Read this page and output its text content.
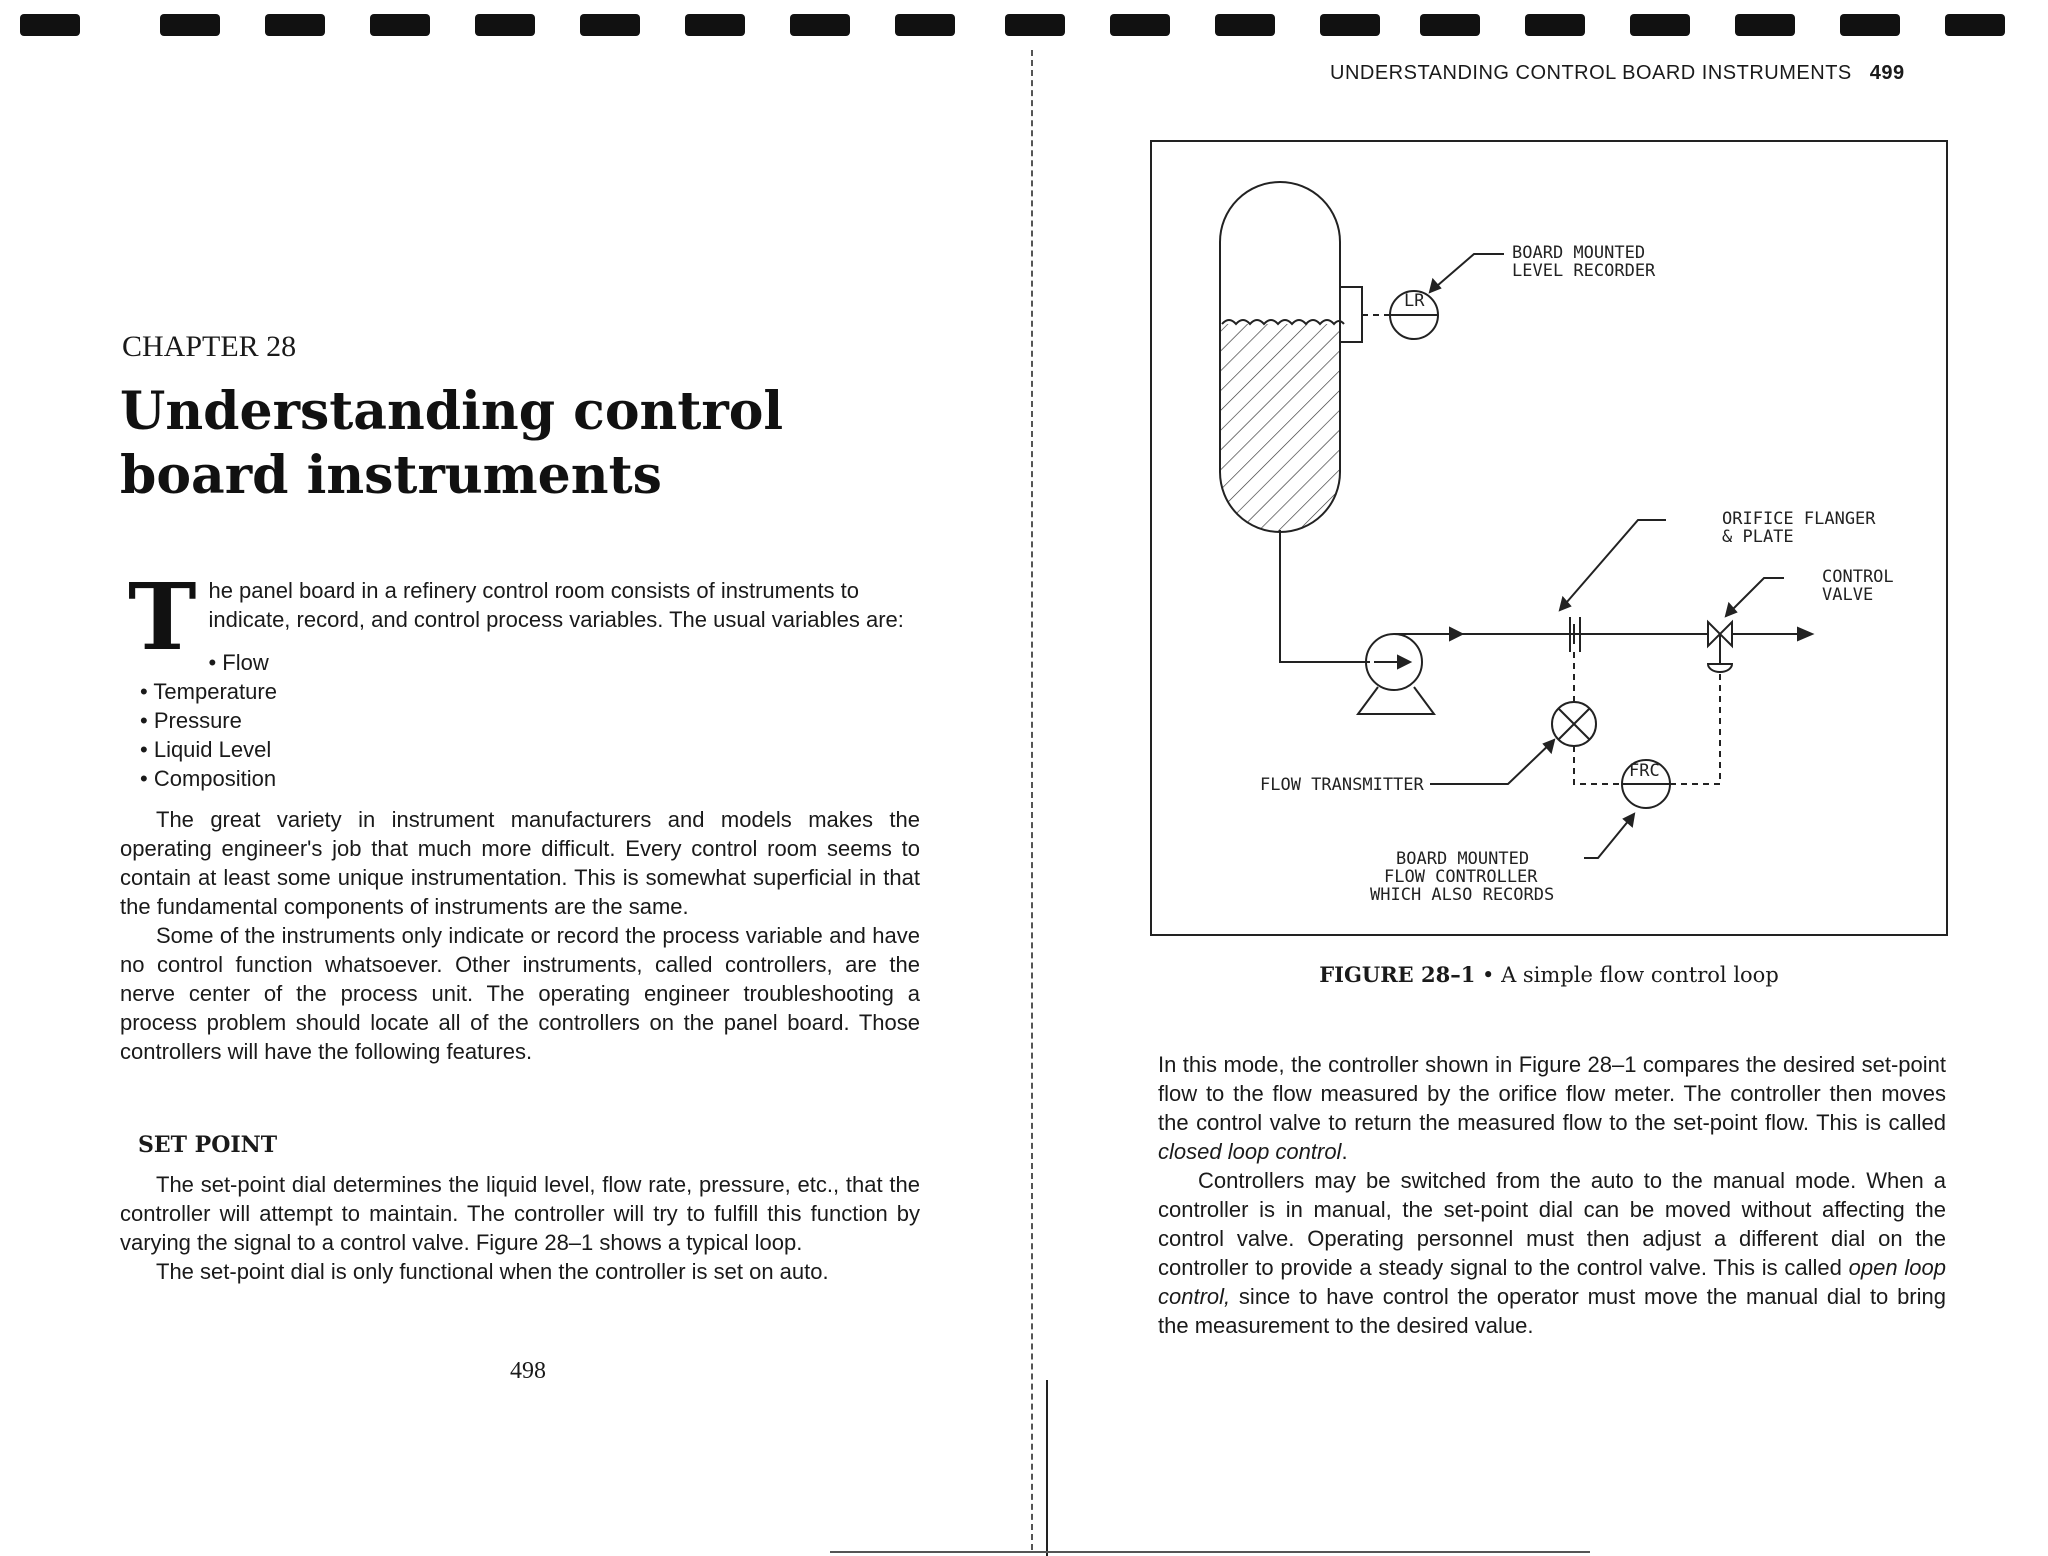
CHAPTER 28
Understanding control
board instruments

The panel board in a refinery control room consists of instruments to indicate, record, and control process variables. The usual variables are:

• Flow
• Temperature
• Pressure
• Liquid Level
• Composition

The great variety in instrument manufacturers and models makes the operating engineer's job that much more difficult. Every control room seems to contain at least some unique instrumentation. This is somewhat superficial in that the fundamental components of instruments are the same.

Some of the instruments only indicate or record the process variable and have no control function whatsoever. Other instruments, called controllers, are the nerve center of the process unit. The operating engineer troubleshooting a process problem should locate all of the controllers on the panel board. Those controllers will have the following features.

SET POINT

The set-point dial determines the liquid level, flow rate, pressure, etc., that the controller will attempt to maintain. The controller will try to fulfill this function by varying the signal to a control valve. Figure 28–1 shows a typical loop.

The set-point dial is only functional when the controller is set on auto.

498
UNDERSTANDING CONTROL BOARD INSTRUMENTS 499
LR
FRC
BOARD MOUNTED
LEVEL RECORDER
ORIFICE FLANGER
& PLATE
CONTROL
VALVE
FLOW TRANSMITTER
BOARD MOUNTED
FLOW CONTROLLER
WHICH ALSO RECORDS
FIGURE 28–1 • A simple flow control loop

In this mode, the controller shown in Figure 28–1 compares the desired set-point flow to the flow measured by the orifice flow meter. The controller then moves the control valve to return the measured flow to the set-point flow. This is called closed loop control.

Controllers may be switched from the auto to the manual mode. When a controller is in manual, the set-point dial can be moved without affecting the control valve. Operating personnel must then adjust a different dial on the controller to provide a steady signal to the control valve. This is called open loop control, since to have control the operator must move the manual dial to bring the measurement to the desired value.
